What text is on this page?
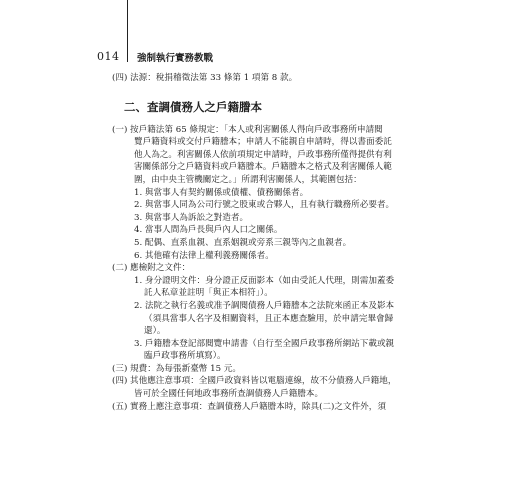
014 強制執行實務教戰
(四) 法源：稅捐稽徵法第 33 條第 1 項第 8 款。
二、查調債務人之戶籍謄本
(一) 按戶籍法第 65 條規定：「本人或利害關係人得向戶政事務所申請閱
覽戶籍資料或交付戶籍謄本；申請人不能親自申請時，得以書面委託
他人為之。利害關係人依前項規定申請時，戶政事務所僅得提供有利
害關係部分之戶籍資料或戶籍謄本。戶籍謄本之格式及利害關係人範
圍，由中央主管機關定之。」所謂利害關係人，其範圍包括：
1. 與當事人有契約關係或債權、債務關係者。
2. 與當事人同為公司行號之股東或合夥人，且有執行職務所必要者。
3. 與當事人為訴訟之對造者。
4. 當事人間為戶長與戶內人口之關係。
5. 配偶、直系血親、直系姻親或旁系三親等內之血親者。
6. 其他確有法律上權利義務關係者。
(二) 應檢附之文件：
1. 身分證明文件：身分證正反面影本（如由受託人代理，則需加蓋委
託人私章並註明「與正本相符」）。
2. 法院之執行名義或准予調閱債務人戶籍謄本之法院來函正本及影本
（須具當事人名字及相關資料，且正本應查驗用，於申請完畢會歸
還）。
3. 戶籍謄本登記部閱覽申請書（自行至全國戶政事務所網站下載或親
臨戶政事務所填寫）。
(三) 規費：為每張新臺幣 15 元。
(四) 其他應注意事項：全國戶政資料皆以電腦連線，故不分債務人戶籍地，
皆可於全國任何地政事務所查調債務人戶籍謄本。
(五) 實務上應注意事項：查調債務人戶籍謄本時，除具(二)之文件外，須
